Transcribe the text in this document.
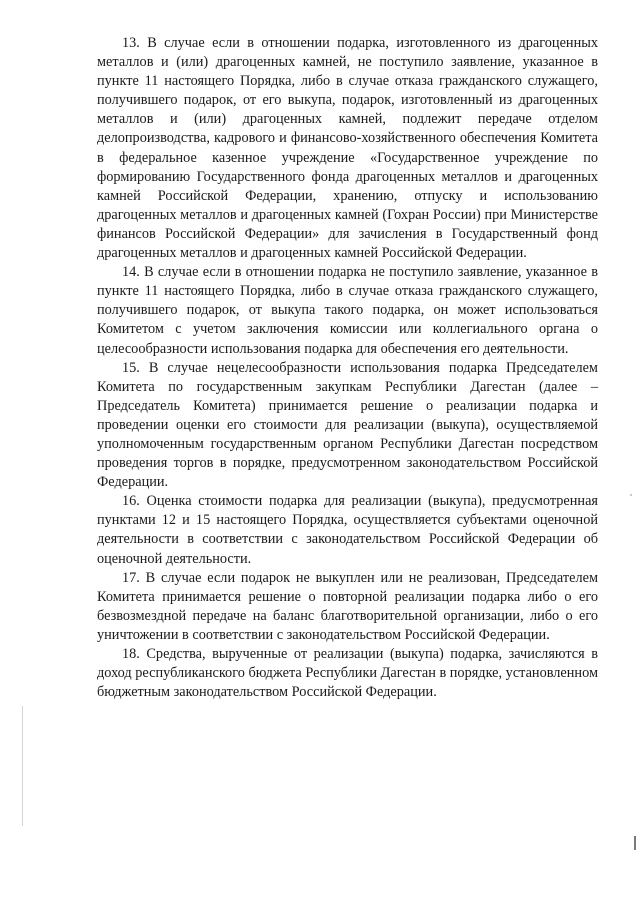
13. В случае если в отношении подарка, изготовленного из драгоценных металлов и (или) драгоценных камней, не поступило заявление, указанное в пункте 11 настоящего Порядка, либо в случае отказа гражданского служащего, получившего подарок, от его выкупа, подарок, изготовленный из драгоценных металлов и (или) драгоценных камней, подлежит передаче отделом делопроизводства, кадрового и финансово-хозяйственного обеспечения Комитета в федеральное казенное учреждение «Государственное учреждение по формированию Государственного фонда драгоценных металлов и драгоценных камней Российской Федерации, хранению, отпуску и использованию драгоценных металлов и драгоценных камней (Гохран России) при Министерстве финансов Российской Федерации» для зачисления в Государственный фонд драгоценных металлов и драгоценных камней Российской Федерации.

14. В случае если в отношении подарка не поступило заявление, указанное в пункте 11 настоящего Порядка, либо в случае отказа гражданского служащего, получившего подарок, от выкупа такого подарка, он может использоваться Комитетом с учетом заключения комиссии или коллегиального органа о целесообразности использования подарка для обеспечения его деятельности.

15. В случае нецелесообразности использования подарка Председателем Комитета по государственным закупкам Республики Дагестан (далее – Председатель Комитета) принимается решение о реализации подарка и проведении оценки его стоимости для реализации (выкупа), осуществляемой уполномоченным государственным органом Республики Дагестан посредством проведения торгов в порядке, предусмотренном законодательством Российской Федерации.

16. Оценка стоимости подарка для реализации (выкупа), предусмотренная пунктами 12 и 15 настоящего Порядка, осуществляется субъектами оценочной деятельности в соответствии с законодательством Российской Федерации об оценочной деятельности.

17. В случае если подарок не выкуплен или не реализован, Председателем Комитета принимается решение о повторной реализации подарка либо о его безвозмездной передаче на баланс благотворительной организации, либо о его уничтожении в соответствии с законодательством Российской Федерации.

18. Средства, вырученные от реализации (выкупа) подарка, зачисляются в доход республиканского бюджета Республики Дагестан в порядке, установленном бюджетным законодательством Российской Федерации.
